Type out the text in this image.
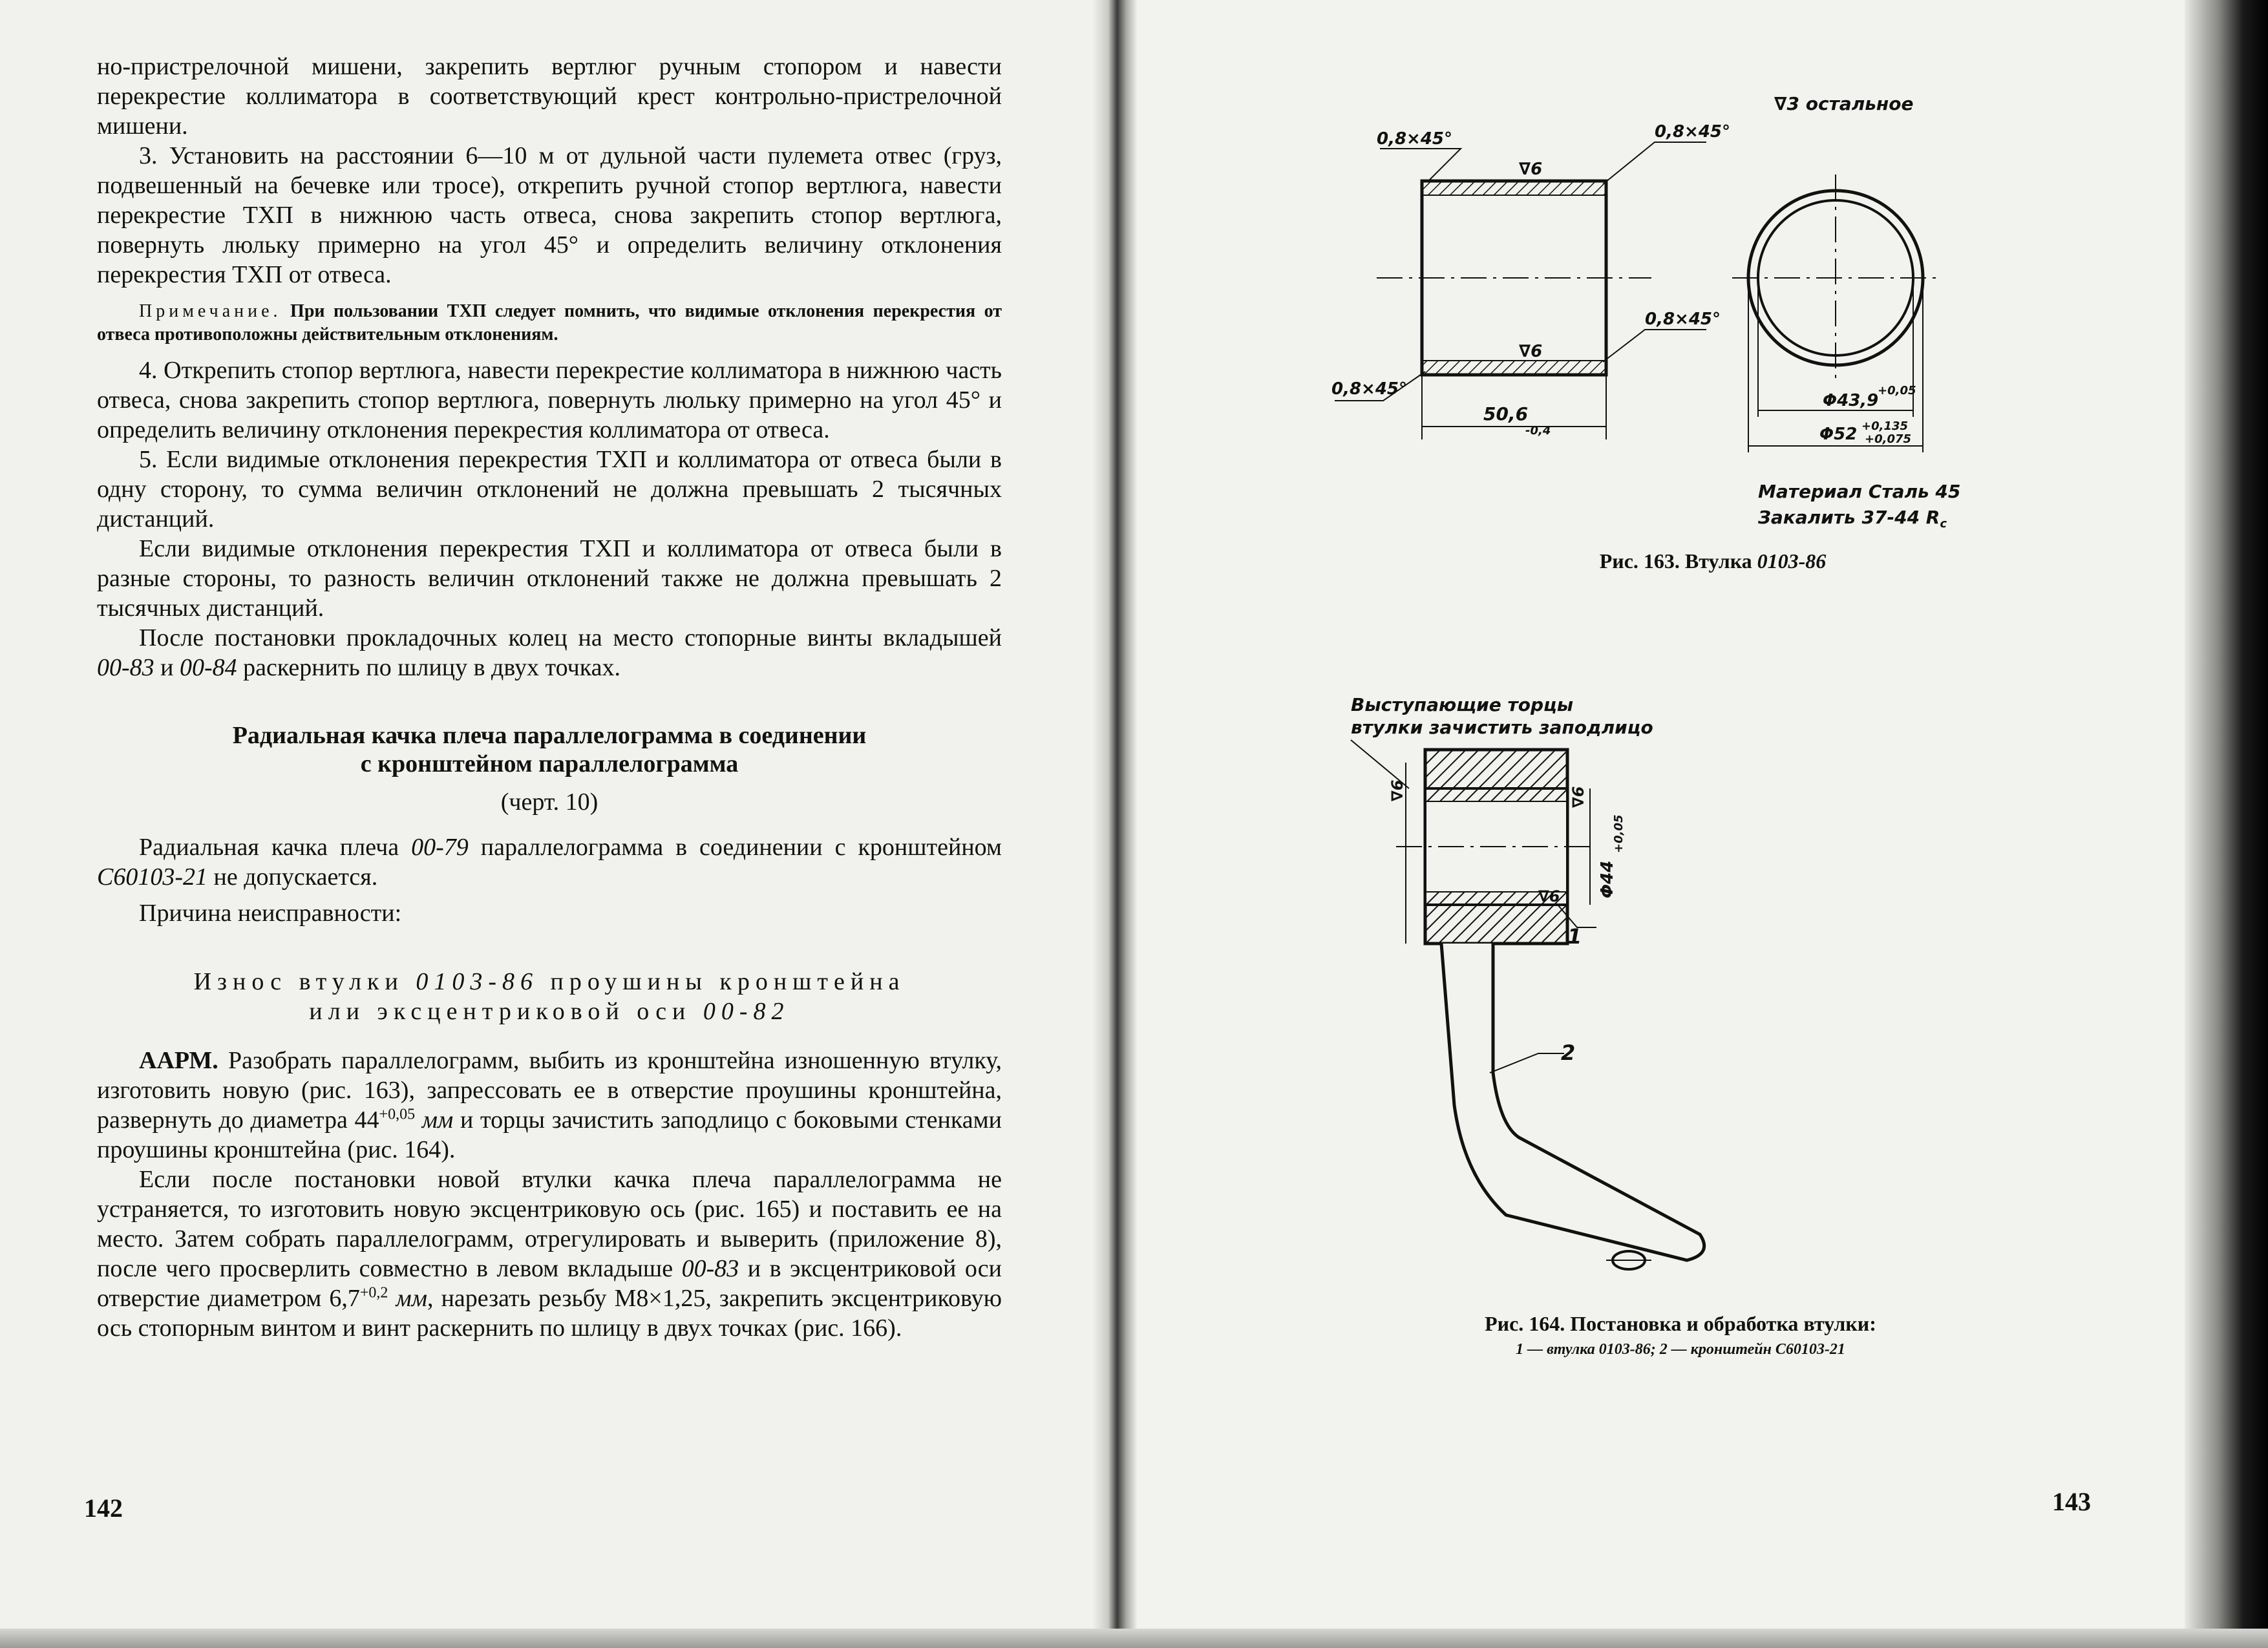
но-пристрелочной мишени, закрепить вертлюг ручным стопором и навести перекрестие коллиматора в соответствующий крест контрольно-пристрелочной мишени.

3. Установить на расстоянии 6—10 м от дульной части пулемета отвес (груз, подвешенный на бечевке или тросе), открепить ручной стопор вертлюга, навести перекрестие ТХП в нижнюю часть отвеса, снова закрепить стопор вертлюга, повернуть люльку примерно на угол 45° и определить величину отклонения перекрестия ТХП от отвеса.

Примечание. При пользовании ТХП следует помнить, что видимые отклонения перекрестия от отвеса противоположны действительным отклонениям.

4. Открепить стопор вертлюга, навести перекрестие коллиматора в нижнюю часть отвеса, снова закрепить стопор вертлюга, повернуть люльку примерно на угол 45° и определить величину отклонения перекрестия коллиматора от отвеса.

5. Если видимые отклонения перекрестия ТХП и коллиматора от отвеса были в одну сторону, то сумма величин отклонений не должна превышать 2 тысячных дистанций.

Если видимые отклонения перекрестия ТХП и коллиматора от отвеса были в разные стороны, то разность величин отклонений также не должна превышать 2 тысячных дистанций.

После постановки прокладочных колец на место стопорные винты вкладышей 00-83 и 00-84 раскернить по шлицу в двух точках.

Радиальная качка плеча параллелограмма в соединении
с кронштейном параллелограмма
(черт. 10)

Радиальная качка плеча 00-79 параллелограмма в соединении с кронштейном С60103-21 не допускается.

Причина неисправности:

Износ втулки 0103-86 проушины кронштейна
или эксцентриковой оси 00-82

ААРМ. Разобрать параллелограмм, выбить из кронштейна изношенную втулку, изготовить новую (рис. 163), запрессовать ее в отверстие проушины кронштейна, развернуть до диаметра $44^{+0,05}$ мм и торцы зачистить заподлицо с боковыми стенками проушины кронштейна (рис. 164).

Если после постановки новой втулки качка плеча параллелограмма не устраняется, то изготовить новую эксцентриковую ось (рис. 165) и поставить ее на место. Затем собрать параллелограмм, отрегулировать и выверить (приложение 8), после чего просверлить совместно в левом вкладыше 00-83 и в эксцентриковой оси отверстие диаметром $6,7^{+0,2}$ мм, нарезать резьбу М8×1,25, закрепить эксцентриковую ось стопорным винтом и винт раскернить по шлицу в двух точках (рис. 166).

142
∇3 остальное
0,8×45°	0,8×45°
0,8×45°
0,8×45°
∇6
∇6
50,6
-0,4
Φ43,9
+0,05
Φ52 +0,135
+0,075
Материал Сталь 45
Закалить 37-44 $R_c$
Рис. 163. Втулка 0103-86
Выступающие торцы
втулки зачистить заподлицо
∇6	∇6
Φ44
+0,05
∇6
1
2
Рис. 164. Постановка и обработка втулки:
1 — втулка 0103-86; 2 — кронштейн С60103-21
143
